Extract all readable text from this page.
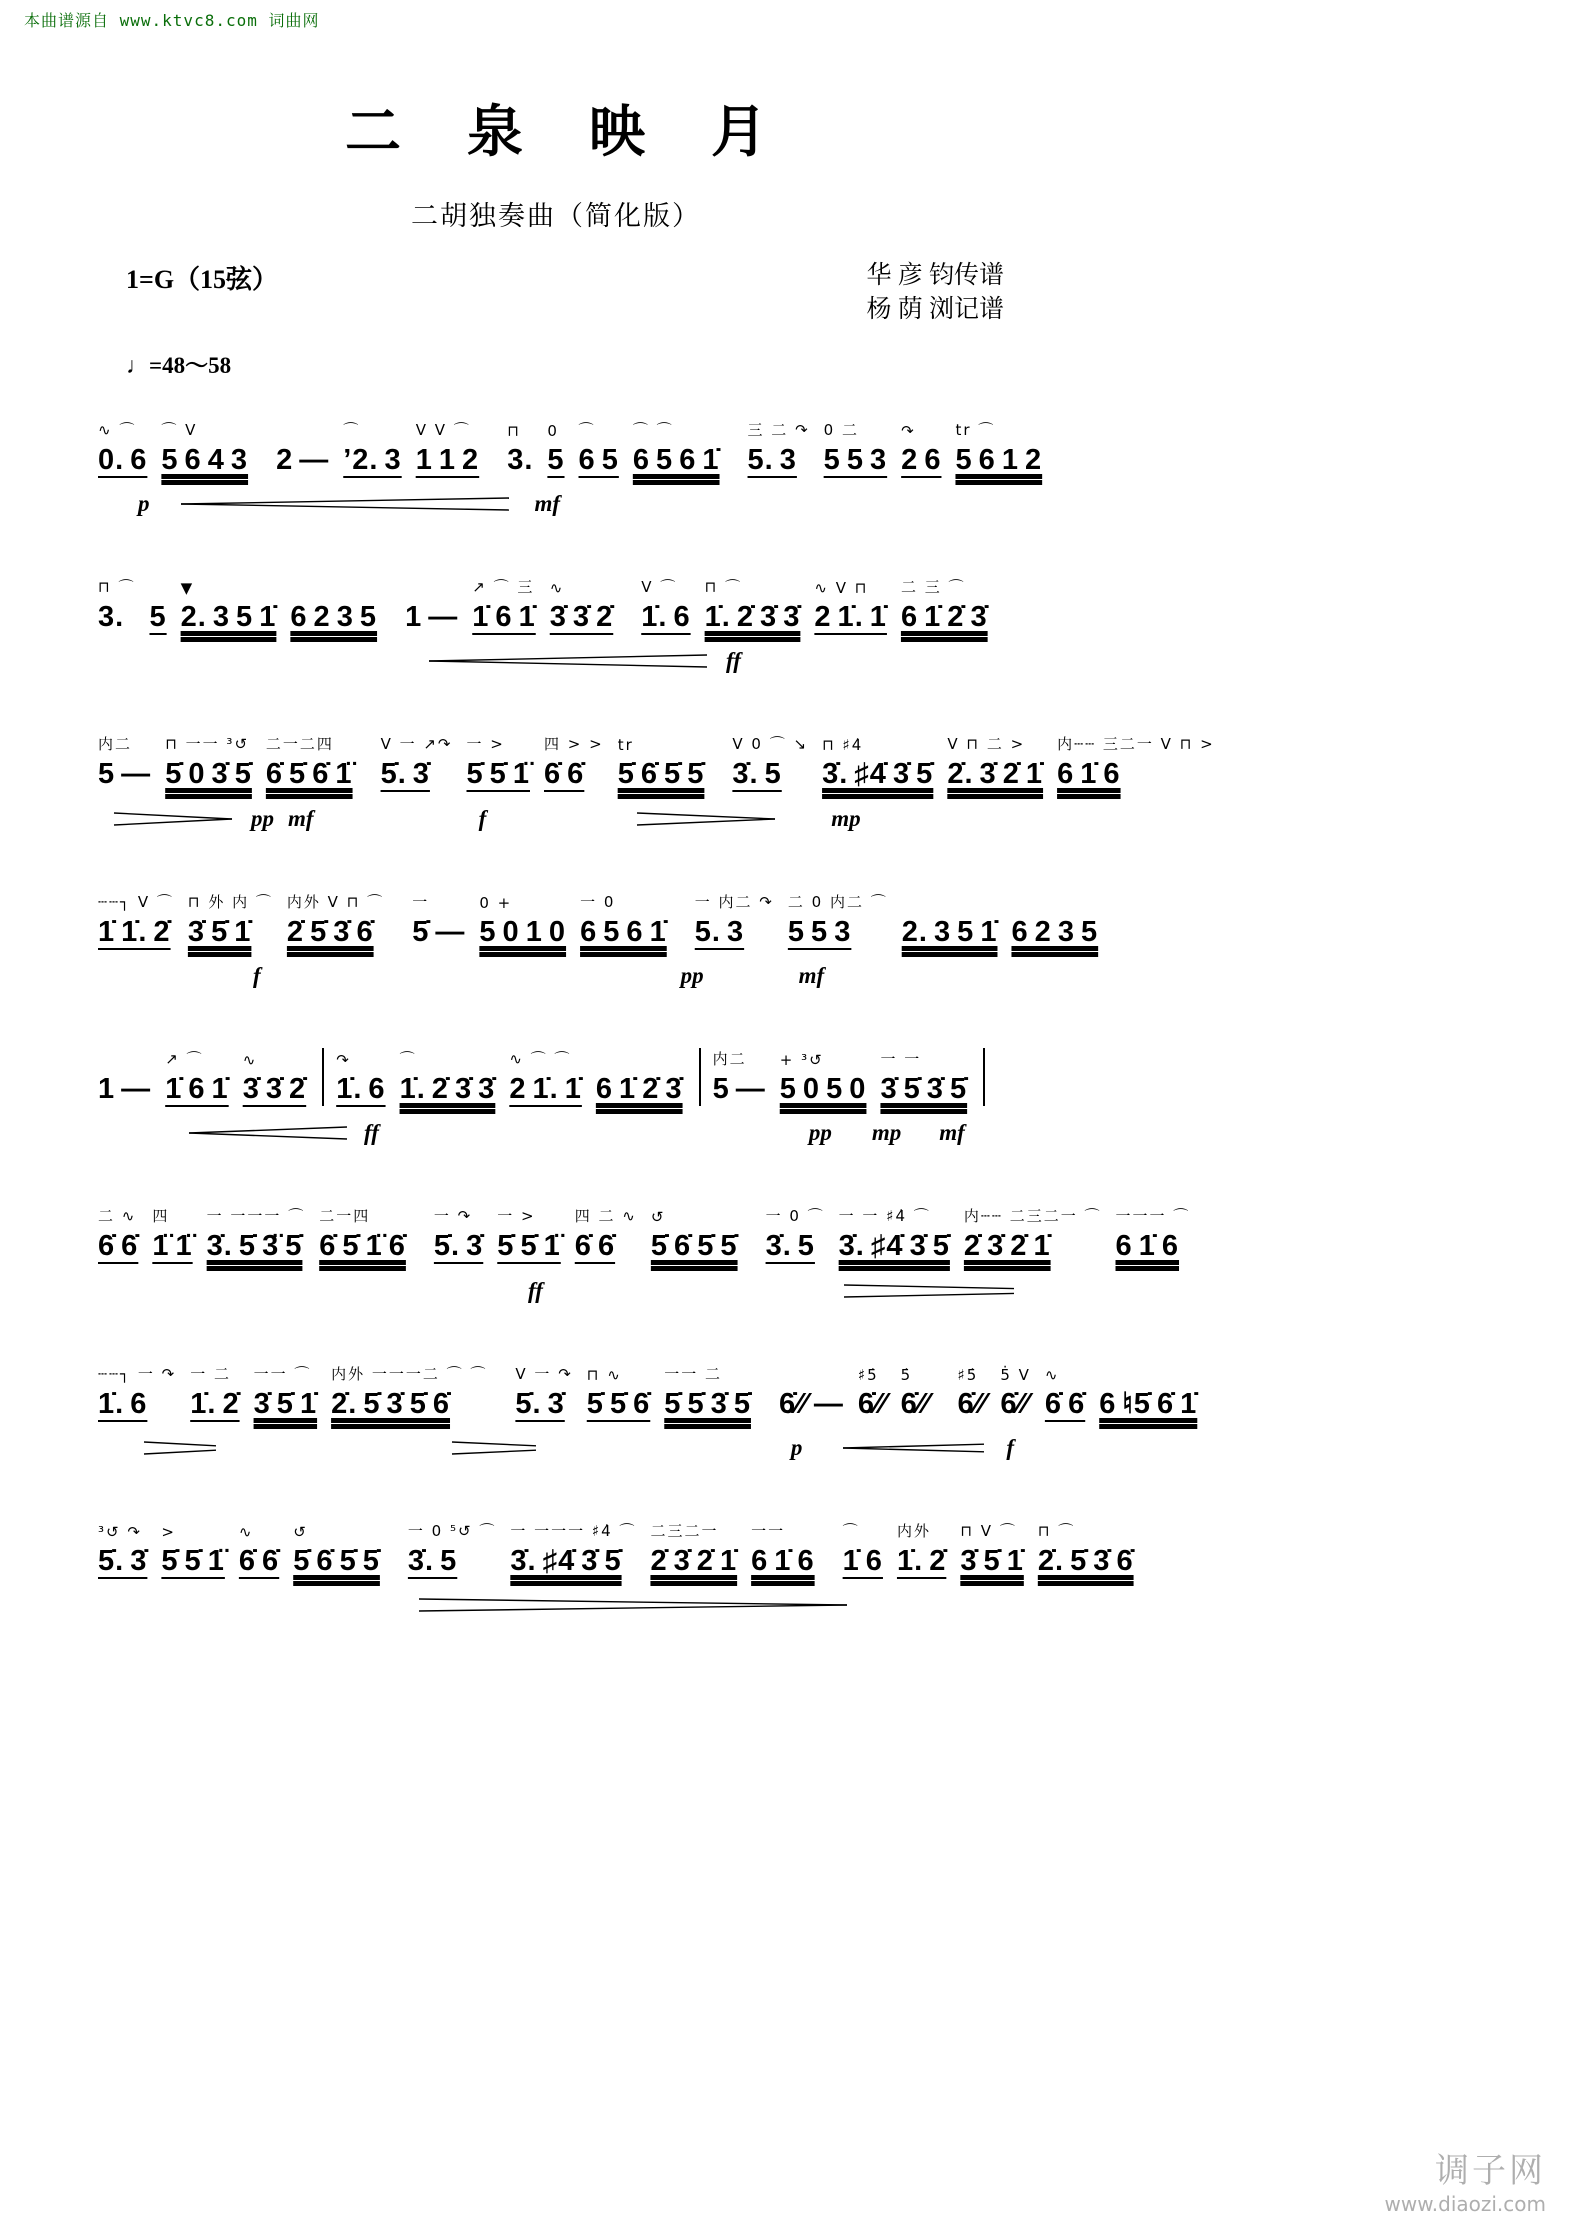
本曲谱源自 www.ktvc8.com 词曲网
二 泉 映 月
二胡独奏曲（简化版）
1=G（15弦）	华 彦 钧传谱
杨 荫 浏记谱
♩=48～58
∿ ⌒
0. 6
⌒ V
5 6 4 3 2 —
⌒
’2. 3
V V ⌒
1 1 2
⊓
3.
0
5
⌒
6 5
⌒ ⌒
6 5 6 1̇
三 二 ↷
5. 3
0 二
5 5 3
↷
2 6
tr ⌒
5 6 1 2
p	mf
⊓ ⌒
3. 5
▼
2. 3 5 1̇ 6 2 3 5 1 —
↗ ⌒ 三
1̇ 6 1̇
∿
3̇ 3̇ 2̇
V ⌒
1̇. 6
⊓ ⌒
1̇. 2̇ 3̇ 3̇
∿ V ⊓
2 1̇. 1̇
二 三 ⌒
6 1̇ 2̇ 3̇
ff
内二
5 —
⊓ 一一 ³↺
5̇ 0 3̇ 5̇
二一二四
6̇ 5̇ 6̇ 1̈
V 一 ↗↷
5̇. 3̇
一 >
5̇ 5̇ 1̈
四 > >
6̇ 6̇
tr
5̇ 6̇ 5̇ 5̇
V 0 ⌒ ↘
3̇. 5
⊓ ♯4̇
3̇. ♯4̇ 3̇ 5̇
V ⊓ 二 >
2̇. 3̇ 2̇ 1̇
内┄┄ 三二一 V ⊓ >
6 1̇ 6
pp mf	f	mp
┄┄┐ V ⌒
1̇ 1̇. 2̇
⊓ 外 内 ⌒
3̇ 5̇ 1̇
内外 V ⊓ ⌒
2̇ 5̇ 3̇ 6̇
一
5̇ —
0 +
5 0 1 0
一 0
6 5 6 1̇
一 内二 ↷
5. 3
二 0 内二 ⌒
5 5 3	2. 3 5 1̇ 6 2 3 5
f	pp	mf
1 —
↗ ⌒
1̇ 6 1̇
∿
3̇ 3̇ 2̇
↷
1̇. 6
⌒
1̇. 2̇ 3̇ 3̇
∿ ⌒ ⌒
2 1̇. 1̇ 6 1̇ 2̇ 3̇
内二
5 —
+ ³↺
5 0 5 0
一 一
3̇ 5̇ 3̇ 5̇
ff	pp mp mf
二 ∿
6̇ 6̇
四
1̈ 1̈
一 一一一 ⌒
3̇. 5̇ 3̈ 5̇
二一四
6̇ 5̇ 1̈ 6̇
一 ↷
5̇. 3̇
一 >
5̇ 5̇ 1̈
四 二 ∿
6̇ 6̇
↺
5̇ 6̇ 5̇ 5̇
一 0 ⌒
3̇. 5
一 一 ♯4̇ ⌒
3̇. ♯4̇ 3̇ 5̇
内┄┄ 二三二一 ⌒
2̇ 3̇ 2̇ 1̇
一一一 ⌒
6 1̇ 6
ff
┄┄┐ 一 ↷
1̇. 6
一 二
1̇. 2̇
一一 ⌒
3̇ 5̇ 1̇
内外 一一一二 ⌒ ⌒
2̇. 5̇ 3̇ 5̇ 6̇
V 一 ↷
5̇. 3̇
⊓ ∿
5̇ 5̇ 6̇
一一 二
5̇ 5̇ 3̇ 5̇ 6̇⁄⁄ —
♯5̇
6̇⁄⁄
5̇
6̇⁄⁄
♯5̇
6̇⁄⁄
5̇ V
6̇⁄⁄
∿
6̇ 6̇ 6 ♮5̇ 6̇ 1̇
p	f
³↺ ↷
5̇. 3̇
>
5̇ 5̇ 1̈
∿
6̇ 6̇
↺
5̇ 6̇ 5̇ 5̇
一 0 ⁵↺ ⌒
3̇. 5
一 一一一 ♯4̇ ⌒
3̇. ♯4̇ 3̇ 5̇
二三二一
2̇ 3̇ 2̇ 1̇
一一
6 1̇ 6
⌒
1̇ 6
内外
1̇. 2̇
⊓ V ⌒
3̇ 5̇ 1̇
⊓ ⌒
2̇. 5̇ 3̇ 6̇
调子网
www.diaozi.com
